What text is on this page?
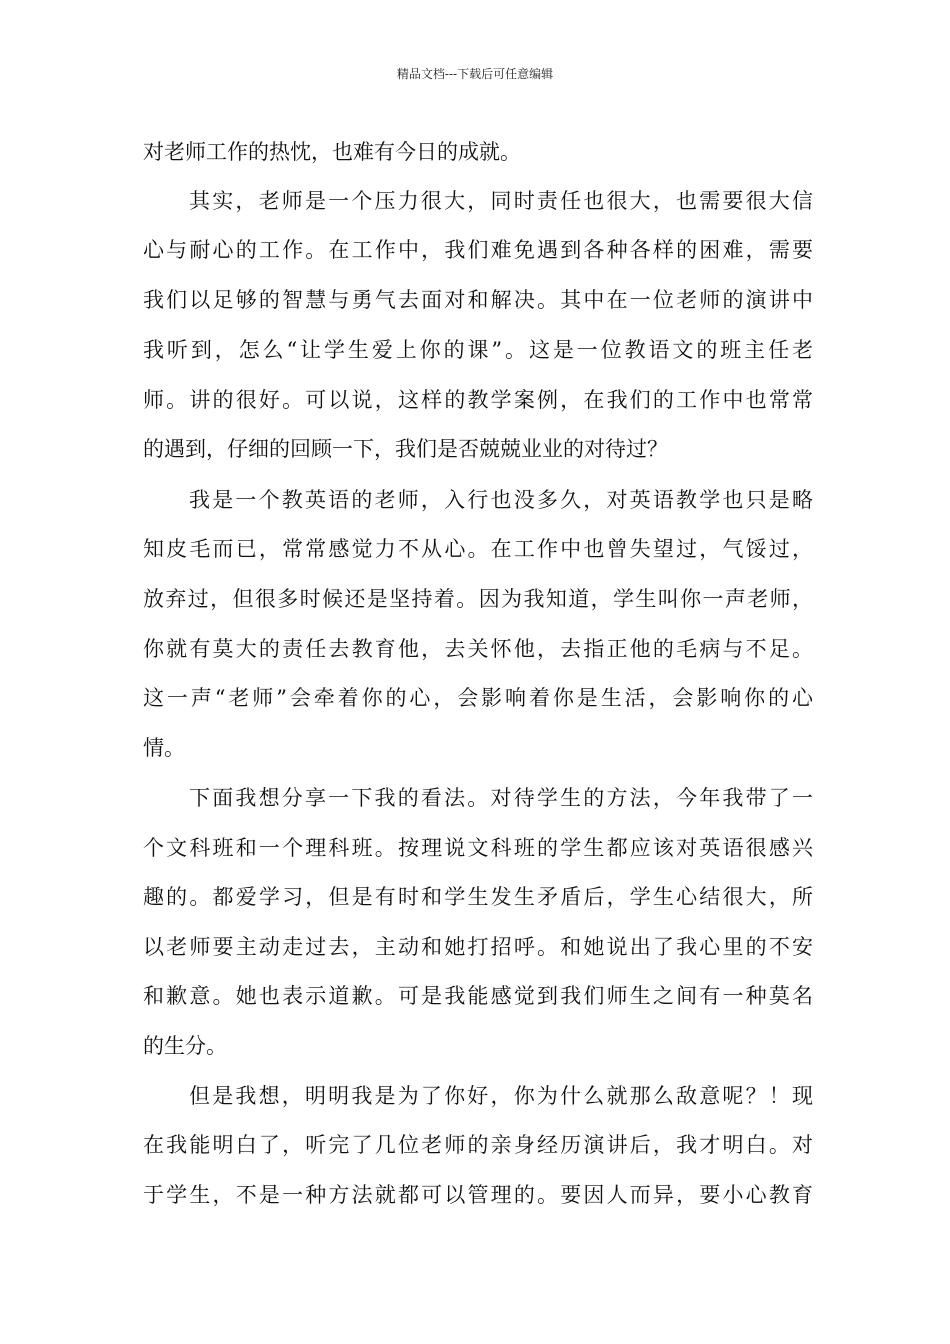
精品文档---下载后可任意编辑
对老师工作的热忱，也难有今日的成就。
其实，老师是一个压力很大，同时责任也很大，也需要很大信
心与耐心的工作。在工作中，我们难免遇到各种各样的困难，需要
我们以足够的智慧与勇气去面对和解决。其中在一位老师的演讲中
我听到，怎么“让学生爱上你的课”。这是一位教语文的班主任老
师。讲的很好。可以说，这样的教学案例，在我们的工作中也常常
的遇到，仔细的回顾一下，我们是否兢兢业业的对待过？
我是一个教英语的老师，入行也没多久，对英语教学也只是略
知皮毛而已，常常感觉力不从心。在工作中也曾失望过，气馁过，
放弃过，但很多时候还是坚持着。因为我知道，学生叫你一声老师，
你就有莫大的责任去教育他，去关怀他，去指正他的毛病与不足。
这一声“老师”会牵着你的心，会影响着你是生活，会影响你的心
情。
下面我想分享一下我的看法。对待学生的方法，今年我带了一
个文科班和一个理科班。按理说文科班的学生都应该对英语很感兴
趣的。都爱学习，但是有时和学生发生矛盾后，学生心结很大，所
以老师要主动走过去，主动和她打招呼。和她说出了我心里的不安
和歉意。她也表示道歉。可是我能感觉到我们师生之间有一种莫名
的生分。
但是我想，明明我是为了你好，你为什么就那么敌意呢？！现
在我能明白了，听完了几位老师的亲身经历演讲后，我才明白。对
于学生，不是一种方法就都可以管理的。要因人而异，要小心教育
